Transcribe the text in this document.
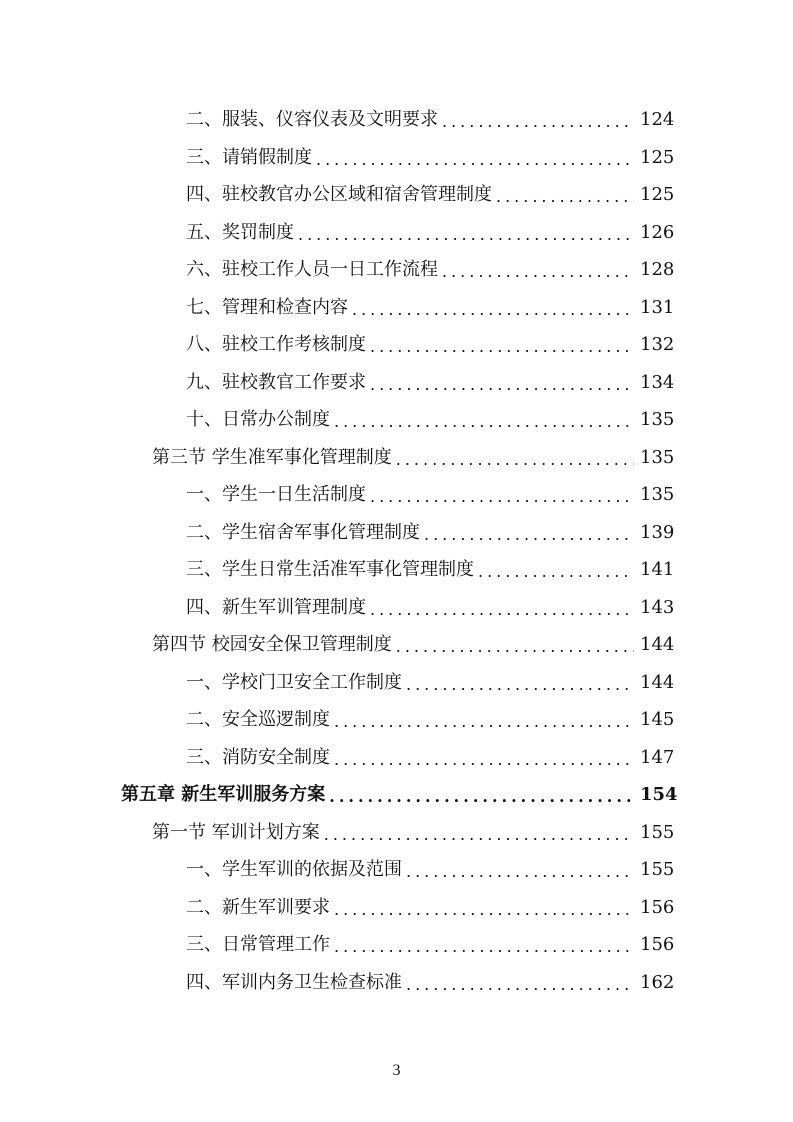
二、服装、仪容仪表及文明要求 .....	124
三、请销假制度 .....	125
四、驻校教官办公区域和宿舍管理制度 .....	125
五、奖罚制度 .....	126
六、驻校工作人员一日工作流程 .....	128
七、管理和检查内容 .....	131
八、驻校工作考核制度 .....	132
九、驻校教官工作要求 .....	134
十、日常办公制度 .....	135
第三节 学生准军事化管理制度 .....	135
一、学生一日生活制度 .....	135
二、学生宿舍军事化管理制度 .....	139
三、学生日常生活准军事化管理制度 .....	141
四、新生军训管理制度 .....	143
第四节 校园安全保卫管理制度 .....	144
一、学校门卫安全工作制度 .....	144
二、安全巡逻制度 .....	145
三、消防安全制度 .....	147
第五章 新生军训服务方案 .....	154
第一节 军训计划方案 .....	155
一、学生军训的依据及范围 .....	155
二、新生军训要求 .....	156
三、日常管理工作 .....	156
四、军训内务卫生检查标准 .....	162
3
